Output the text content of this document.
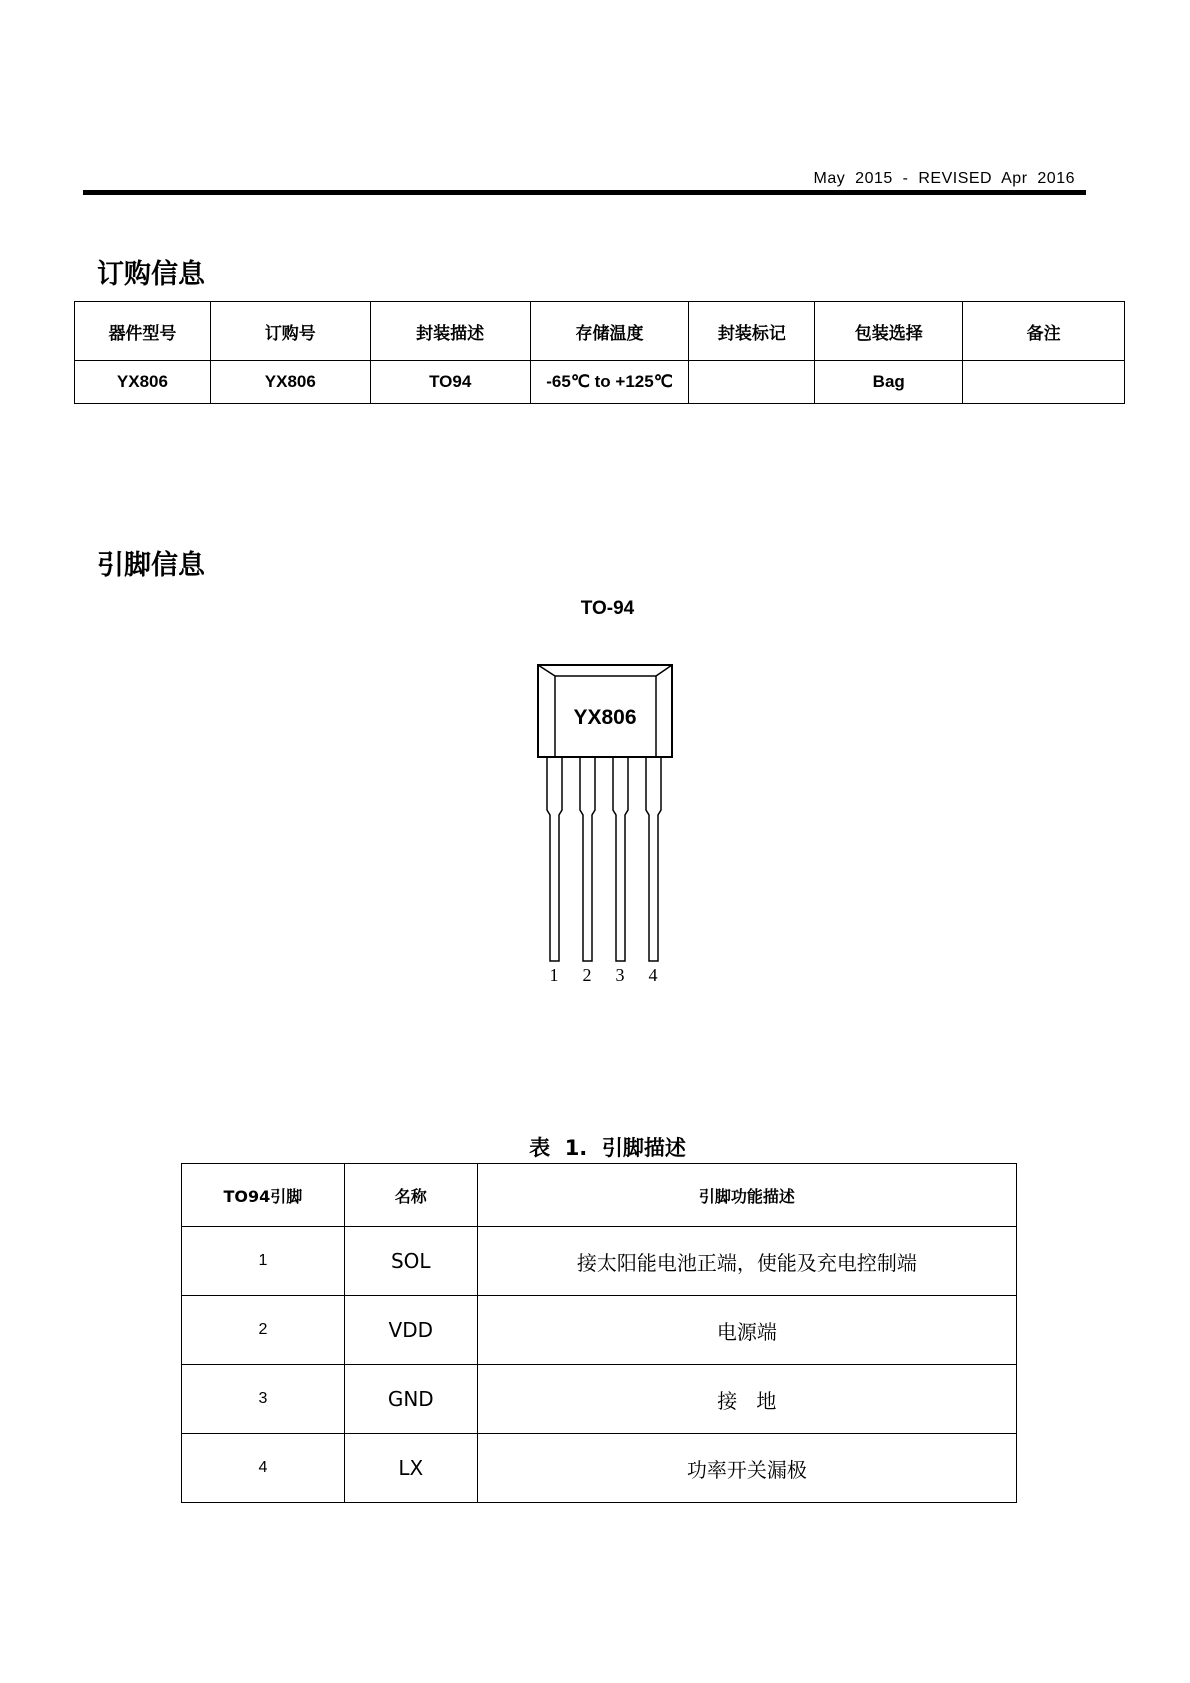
May  2015  -  REVISED  Apr  2016
订购信息
器件型号	订购号	封装描述	存储温度	封装标记	包装选择	备注
YX806	YX806	TO94	-65℃ to +125℃		Bag	
引脚信息
TO-94
YX806
1 2 3 4
表  1.  引脚描述
TO94引脚	名称	引脚功能描述
1	SOL	接太阳能电池正端，使能及充电控制端
2	VDD	电源端
3	GND	接   地
4	LX	功率开关漏极
